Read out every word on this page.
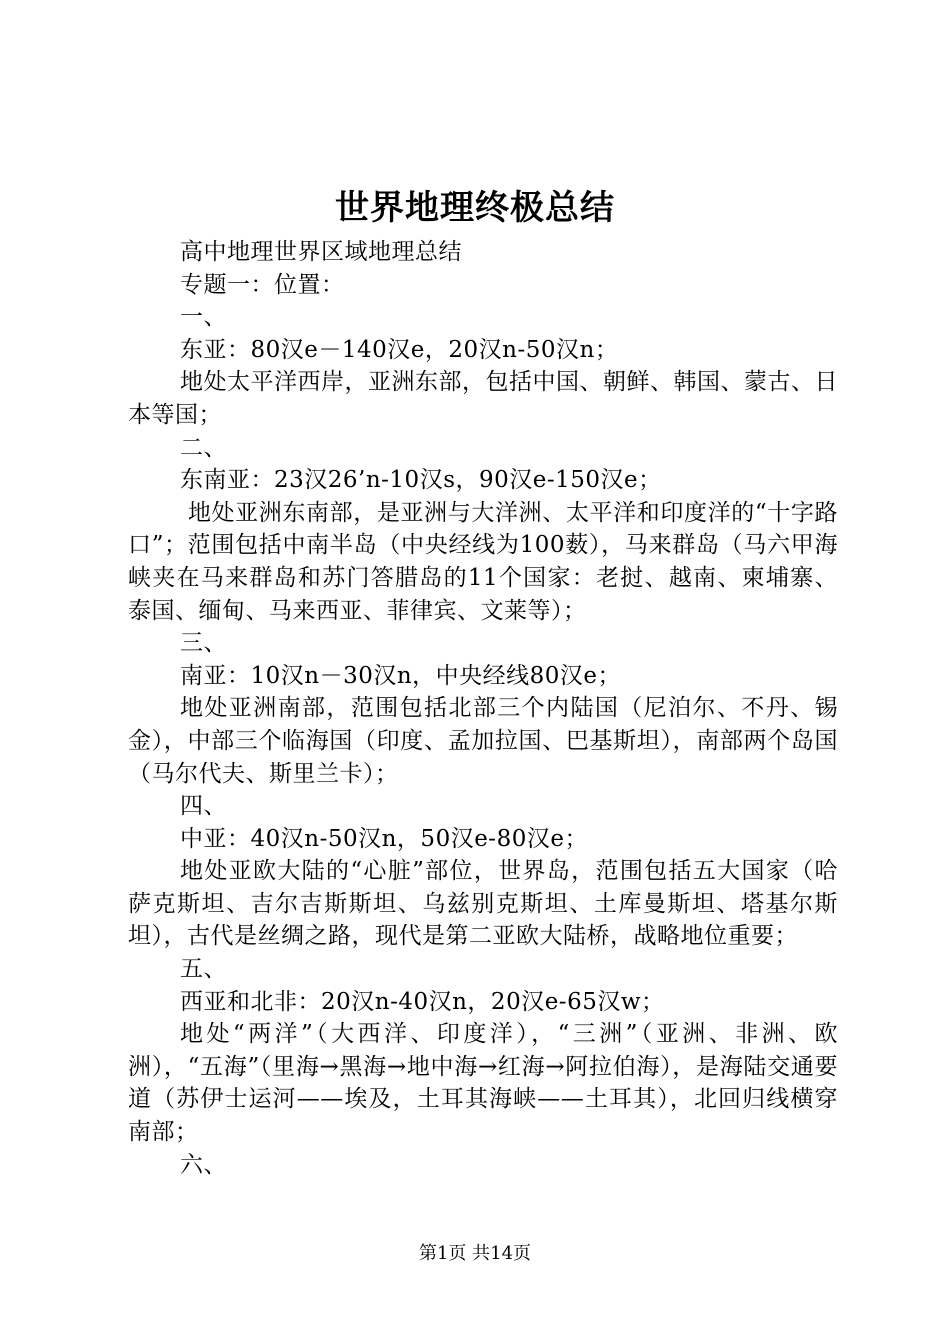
世界地理终极总结

高中地理世界区域地理总结

专题一：位置：

一、

东亚：80汉e－140汉e，20汉n-50汉n；

地处太平洋西岸，亚洲东部，包括中国、朝鲜、韩国、蒙古、日本等国；

二、

东南亚：23汉26’n-10汉s，90汉e-150汉e；

地处亚洲东南部，是亚洲与大洋洲、太平洋和印度洋的“十字路口”；范围包括中南半岛（中央经线为100薮），马来群岛（马六甲海峡夹在马来群岛和苏门答腊岛的11个国家：老挝、越南、柬埔寨、泰国、缅甸、马来西亚、菲律宾、文莱等）；

三、

南亚：10汉n－30汉n，中央经线80汉e；

地处亚洲南部，范围包括北部三个内陆国（尼泊尔、不丹、锡金），中部三个临海国（印度、孟加拉国、巴基斯坦），南部两个岛国（马尔代夫、斯里兰卡）；

四、

中亚：40汉n-50汉n，50汉e-80汉e；

地处亚欧大陆的“心脏”部位，世界岛，范围包括五大国家（哈萨克斯坦、吉尔吉斯斯坦、乌兹别克斯坦、土库曼斯坦、塔基尔斯坦），古代是丝绸之路，现代是第二亚欧大陆桥，战略地位重要；

五、

西亚和北非：20汉n-40汉n，20汉e-65汉w；

地处“两洋”（大西洋、印度洋），“三洲”（亚洲、非洲、欧洲），“五海”（里海→黑海→地中海→红海→阿拉伯海），是海陆交通要道（苏伊士运河——埃及，土耳其海峡——土耳其），北回归线横穿南部；

六、

第1页 共14页
